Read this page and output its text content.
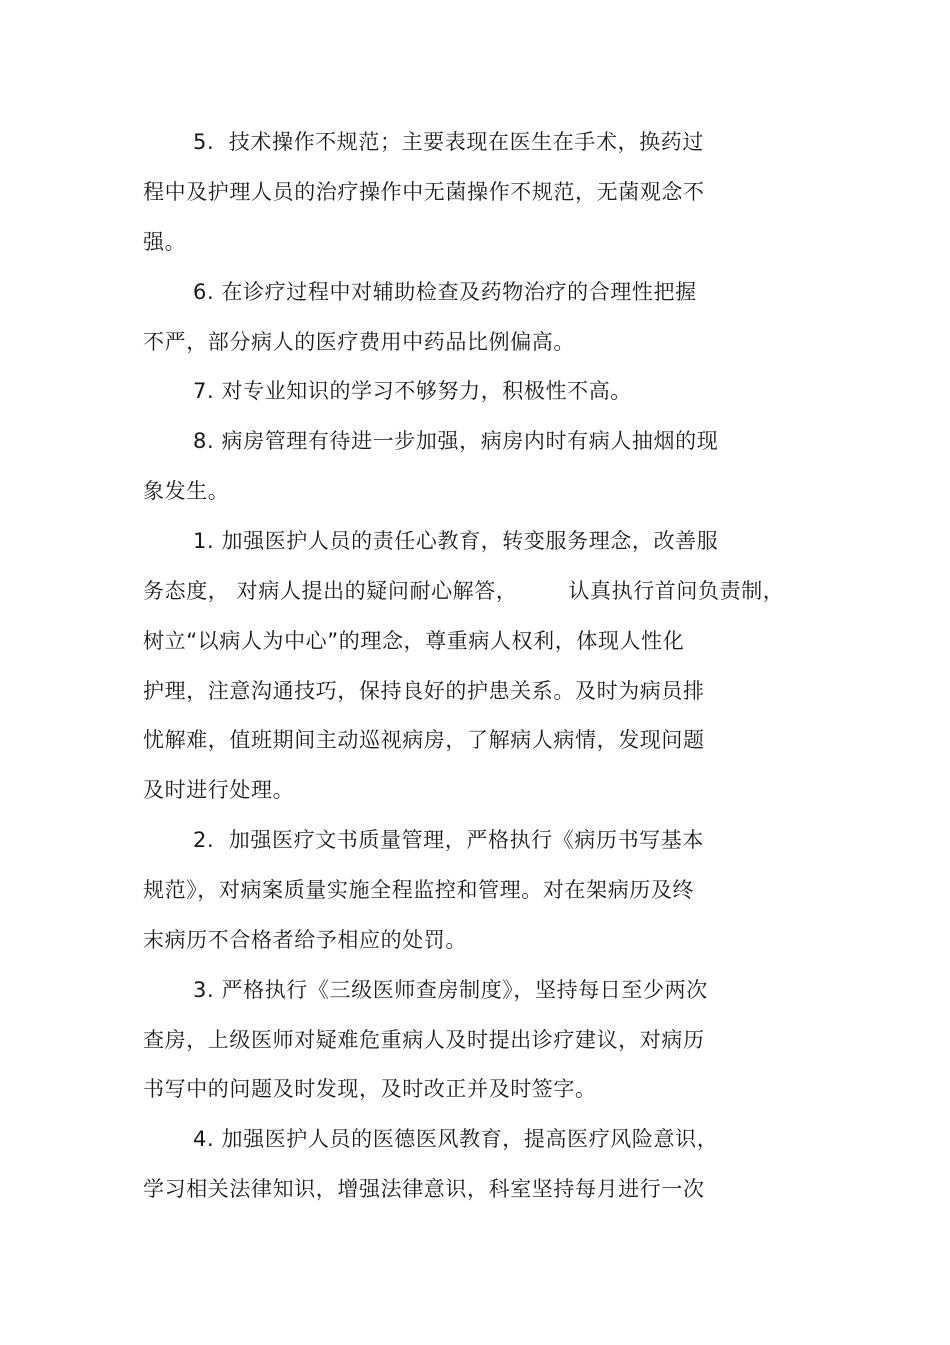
5.  技术操作不规范；主要表现在医生在手术，换药过
程中及护理人员的治疗操作中无菌操作不规范，无菌观念不
强。
6. 在诊疗过程中对辅助检查及药物治疗的合理性把握
不严，部分病人的医疗费用中药品比例偏高。
7. 对专业知识的学习不够努力，积极性不高。
8. 病房管理有待进一步加强，病房内时有病人抽烟的现
象发生。
1. 加强医护人员的责任心教育，转变服务理念，改善服
务态度， 对病人提出的疑问耐心解答，       认真执行首问负责制，
树立“以病人为中心”的理念，尊重病人权利，体现人性化
护理，注意沟通技巧，保持良好的护患关系。及时为病员排
忧解难，值班期间主动巡视病房，了解病人病情，发现问题
及时进行处理。
2.  加强医疗文书质量管理，严格执行《病历书写基本
规范》，对病案质量实施全程监控和管理。对在架病历及终
末病历不合格者给予相应的处罚。
3. 严格执行《三级医师查房制度》，坚持每日至少两次
查房，上级医师对疑难危重病人及时提出诊疗建议，对病历
书写中的问题及时发现，及时改正并及时签字。
4. 加强医护人员的医德医风教育，提高医疗风险意识，
学习相关法律知识，增强法律意识，科室坚持每月进行一次
